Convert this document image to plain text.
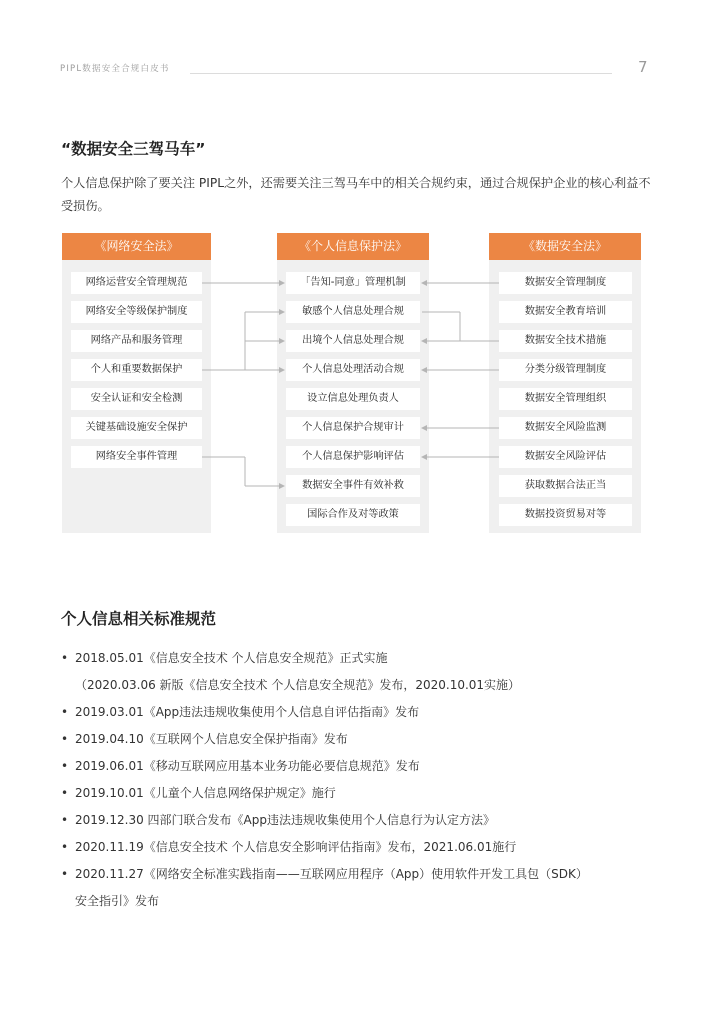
PIPL数据安全合规白皮书	7
“数据安全三驾马车”
个人信息保护除了要关注 PIPL之外，还需要关注三驾马车中的相关合规约束，通过合规保护企业的核心利益不受损伤。
《网络安全法》
网络运营安全管理规范
网络安全等级保护制度
网络产品和服务管理
个人和重要数据保护
安全认证和安全检测
关键基础设施安全保护
网络安全事件管理
《个人信息保护法》
「告知-同意」管理机制
敏感个人信息处理合规
出境个人信息处理合规
个人信息处理活动合规
设立信息处理负责人
个人信息保护合规审计
个人信息保护影响评估
数据安全事件有效补救
国际合作及对等政策
《数据安全法》
数据安全管理制度
数据安全教育培训
数据安全技术措施
分类分级管理制度
数据安全管理组织
数据安全风险监测
数据安全风险评估
获取数据合法正当
数据投资贸易对等
个人信息相关标准规范
• 2018.05.01《信息安全技术 个人信息安全规范》正式实施
（2020.03.06 新版《信息安全技术 个人信息安全规范》发布，2020.10.01实施）
• 2019.03.01《App违法违规收集使用个人信息自评估指南》发布
• 2019.04.10《互联网个人信息安全保护指南》发布
• 2019.06.01《移动互联网应用基本业务功能必要信息规范》发布
• 2019.10.01《儿童个人信息网络保护规定》施行
• 2019.12.30 四部门联合发布《App违法违规收集使用个人信息行为认定方法》
• 2020.11.19《信息安全技术 个人信息安全影响评估指南》发布，2021.06.01施行
• 2020.11.27《网络安全标准实践指南——互联网应用程序（App）使用软件开发工具包（SDK）
安全指引》发布
